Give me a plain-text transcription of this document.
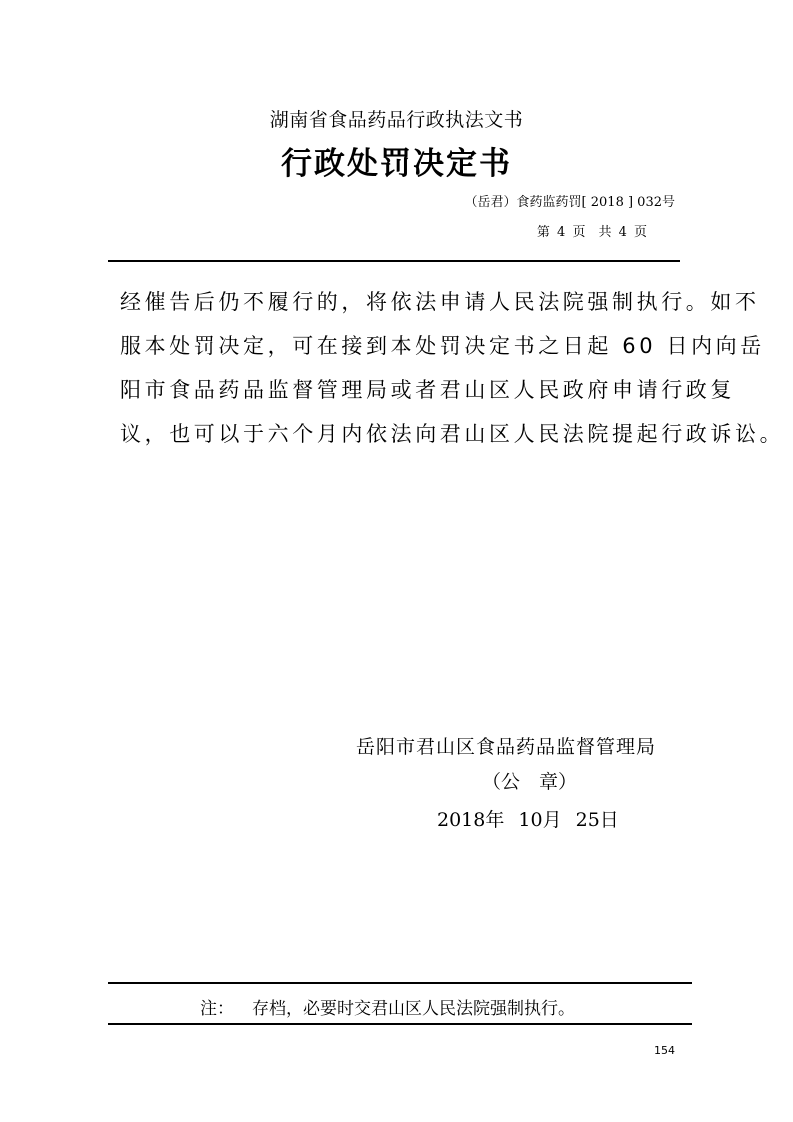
湖南省食品药品行政执法文书
行政处罚决定书
（岳君）食药监药罚[ 2018 ] 032号
第 4 页　共 4 页

经催告后仍不履行的，将依法申请人民法院强制执行。如不

服本处罚决定，可在接到本处罚决定书之日起 60 日内向岳

阳市食品药品监督管理局或者君山区人民政府申请行政复

议，也可以于六个月内依法向君山区人民法院提起行政诉讼。

岳阳市君山区食品药品监督管理局
（公　章）
2018年 10月 25日
注： 存档，必要时交君山区人民法院强制执行。
154
